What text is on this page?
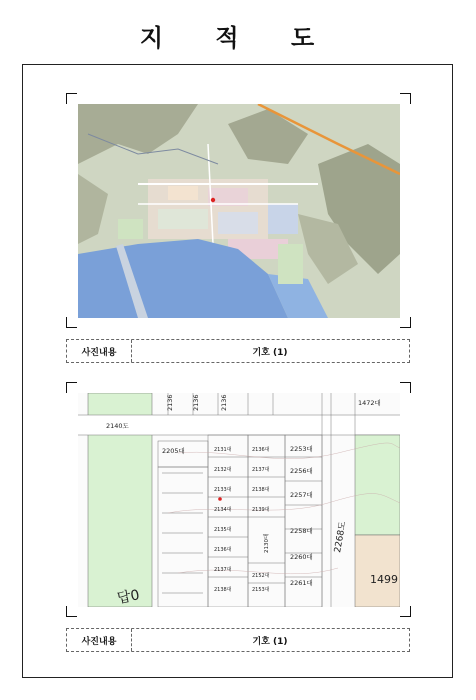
지 적 도
사진내용	기호 (1)
2140도
2136	2136	2136	1472대
2205대	2131대
2132대
2133대
2134대
2135대
2136대
2137대
2138대
2136대
2137대
2138대
2139대
2152대
2153대
2253대
2256대
2257대
2258대
2260대
2261대
2268도
2130대
1499
답0
사진내용	기호 (1)
